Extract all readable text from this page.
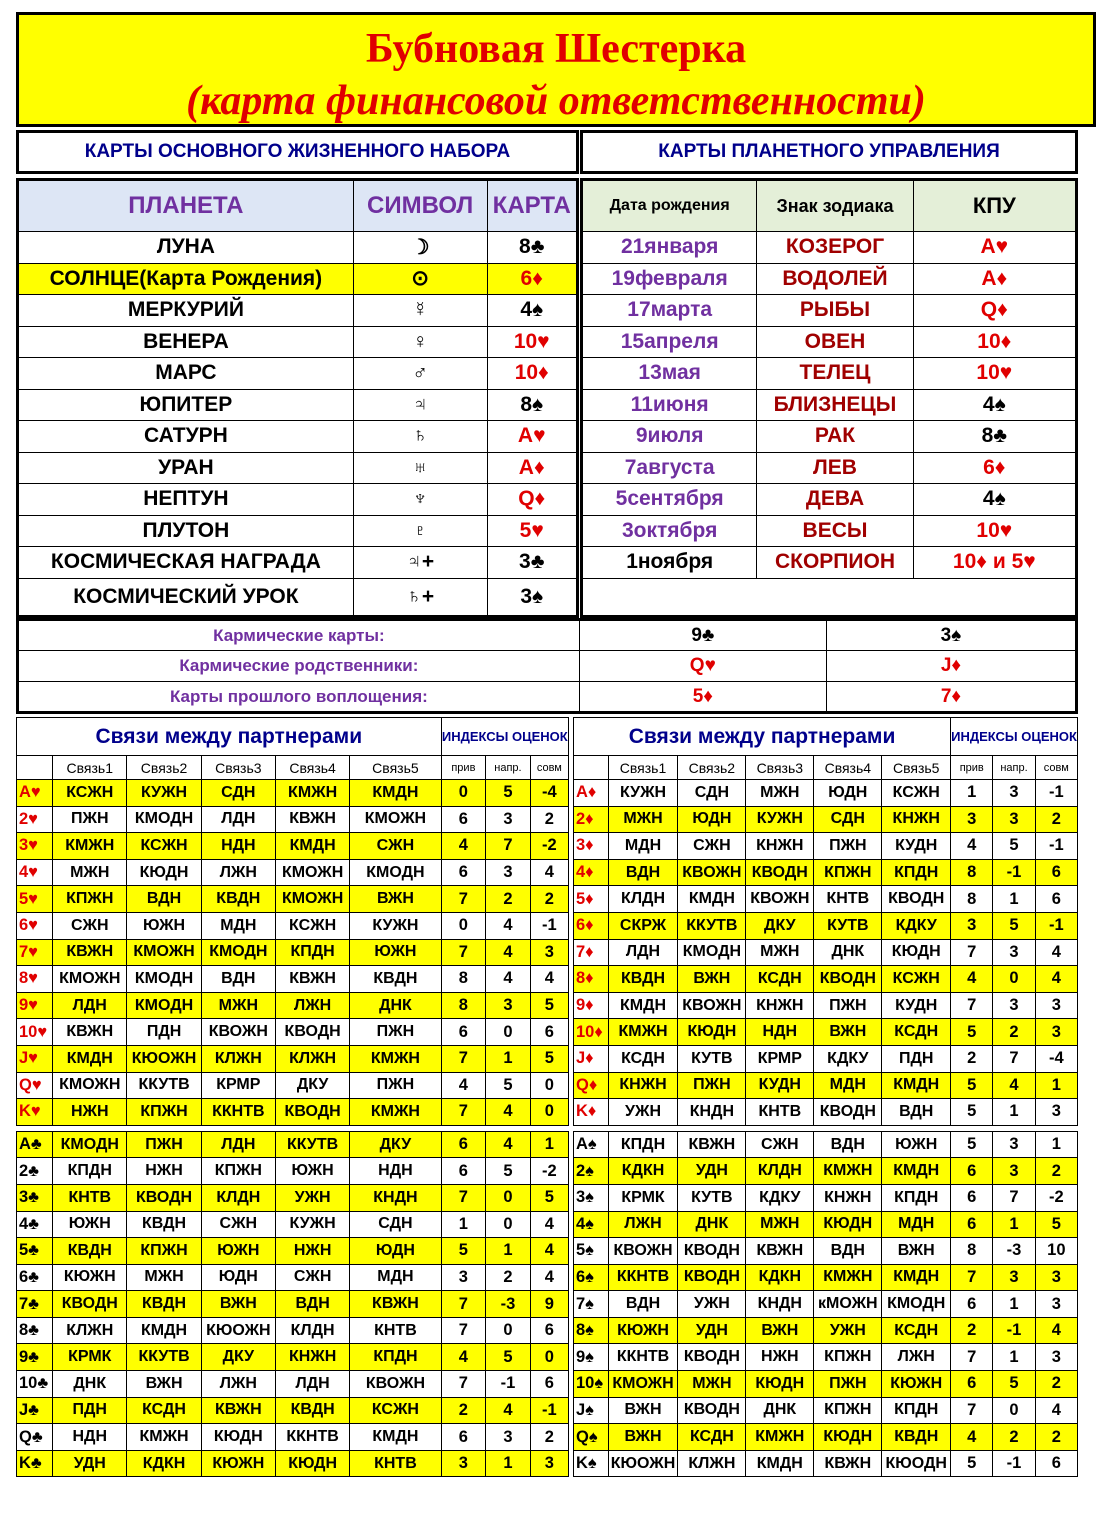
Бубновая Шестерка
(карта финансовой ответственности)
КАРТЫ ОСНОВНОГО ЖИЗНЕННОГО НАБОРА	КАРТЫ ПЛАНЕТНОГО УПРАВЛЕНИЯ
ПЛАНЕТА	СИМВОЛ	КАРТА
ЛУНА	☽	8♣
СОЛНЦЕ(Карта Рождения)	⊙	6♦
МЕРКУРИЙ	☿	4♠
ВЕНЕРА	♀	10♥
МАРС	♂	10♦
ЮПИТЕР	♃	8♠
САТУРН	♄	A♥
УРАН	♅	A♦
НЕПТУН	♆	Q♦
ПЛУТОН	♇	5♥
КОСМИЧЕСКАЯ НАГРАДА	♃+	3♣
КОСМИЧЕСКИЙ УРОК	♄+	3♠
Дата рождения	Знак зодиака	КПУ
21января	КОЗЕРОГ	A♥
19февраля	ВОДОЛЕЙ	A♦
17марта	РЫБЫ	Q♦
15апреля	ОВЕН	10♦
13мая	ТЕЛЕЦ	10♥
11июня	БЛИЗНЕЦЫ	4♠
9июля	РАК	8♣
7августа	ЛЕВ	6♦
5сентября	ДЕВА	4♠
3октября	ВЕСЫ	10♥
1ноября	СКОРПИОН	10♦ и 5♥

Кармические карты:	9♣	3♠
Кармические родственники:	Q♥	J♦
Карты прошлого воплощения:	5♦	7♦
Связи между партнерами						ИНДЕКСЫ ОЦЕНОК		
	Связь1	Связь2	Связь3	Связь4	Связь5	прив	напр.	совм
A♥	КСЖН	КУЖН	СДН	КМЖН	КМДН	0	5	-4
2♥	ПЖН	КМОДН	ЛДН	КВЖН	КМОЖН	6	3	2
3♥	КМЖН	КСЖН	НДН	КМДН	СЖН	4	7	-2
4♥	МЖН	КЮДН	ЛЖН	КМОЖН	КМОДН	6	3	4
5♥	КПЖН	ВДН	КВДН	КМОЖН	ВЖН	7	2	2
6♥	СЖН	ЮЖН	МДН	КСЖН	КУЖН	0	4	-1
7♥	КВЖН	КМОЖН	КМОДН	КПДН	ЮЖН	7	4	3
8♥	КМОЖН	КМОДН	ВДН	КВЖН	КВДН	8	4	4
9♥	ЛДН	КМОДН	МЖН	ЛЖН	ДНК	8	3	5
10♥	КВЖН	ПДН	КВОЖН	КВОДН	ПЖН	6	0	6
J♥	КМДН	КЮОЖН	КЛЖН	КЛЖН	КМЖН	7	1	5
Q♥	КМОЖН	ККУТВ	КРМР	ДКУ	ПЖН	4	5	0
K♥	НЖН	КПЖН	ККНТВ	КВОДН	КМЖН	7	4	0

A♣	КМОДН	ПЖН	ЛДН	ККУТВ	ДКУ	6	4	1
2♣	КПДН	НЖН	КПЖН	ЮЖН	НДН	6	5	-2
3♣	КНТВ	КВОДН	КЛДН	УЖН	КНДН	7	0	5
4♣	ЮЖН	КВДН	СЖН	КУЖН	СДН	1	0	4
5♣	КВДН	КПЖН	ЮЖН	НЖН	ЮДН	5	1	4
6♣	КЮЖН	МЖН	ЮДН	СЖН	МДН	3	2	4
7♣	КВОДН	КВДН	ВЖН	ВДН	КВЖН	7	-3	9
8♣	КЛЖН	КМДН	КЮОЖН	КЛДН	КНТВ	7	0	6
9♣	КРМК	ККУТВ	ДКУ	КНЖН	КПДН	4	5	0
10♣	ДНК	ВЖН	ЛЖН	ЛДН	КВОЖН	7	-1	6
J♣	ПДН	КСДН	КВЖН	КВДН	КСЖН	2	4	-1
Q♣	НДН	КМЖН	КЮДН	ККНТВ	КМДН	6	3	2
K♣	УДН	КДКН	КЮЖН	КЮДН	КНТВ	3	1	3
Связи между партнерами						ИНДЕКСЫ ОЦЕНОК		
	Связь1	Связь2	Связь3	Связь4	Связь5	прив	напр.	совм
A♦	КУЖН	СДН	МЖН	ЮДН	КСЖН	1	3	-1
2♦	МЖН	ЮДН	КУЖН	СДН	КНЖН	3	3	2
3♦	МДН	СЖН	КНЖН	ПЖН	КУДН	4	5	-1
4♦	ВДН	КВОЖН	КВОДН	КПЖН	КПДН	8	-1	6
5♦	КЛДН	КМДН	КВОЖН	КНТВ	КВОДН	8	1	6
6♦	СКРЖ	ККУТВ	ДКУ	КУТВ	КДКУ	3	5	-1
7♦	ЛДН	КМОДН	МЖН	ДНК	КЮДН	7	3	4
8♦	КВДН	ВЖН	КСДН	КВОДН	КСЖН	4	0	4
9♦	КМДН	КВОЖН	КНЖН	ПЖН	КУДН	7	3	3
10♦	КМЖН	КЮДН	НДН	ВЖН	КСДН	5	2	3
J♦	КСДН	КУТВ	КРМР	КДКУ	ПДН	2	7	-4
Q♦	КНЖН	ПЖН	КУДН	МДН	КМДН	5	4	1
K♦	УЖН	КНДН	КНТВ	КВОДН	ВДН	5	1	3

A♠	КПДН	КВЖН	СЖН	ВДН	ЮЖН	5	3	1
2♠	КДКН	УДН	КЛДН	КМЖН	КМДН	6	3	2
3♠	КРМК	КУТВ	КДКУ	КНЖН	КПДН	6	7	-2
4♠	ЛЖН	ДНК	МЖН	КЮДН	МДН	6	1	5
5♠	КВОЖН	КВОДН	КВЖН	ВДН	ВЖН	8	-3	10
6♠	ККНТВ	КВОДН	КДКН	КМЖН	КМДН	7	3	3
7♠	ВДН	УЖН	КНДН	кМОЖН	КМОДН	6	1	3
8♠	КЮЖН	УДН	ВЖН	УЖН	КСДН	2	-1	4
9♠	ККНТВ	КВОДН	НЖН	КПЖН	ЛЖН	7	1	3
10♠	КМОЖН	МЖН	КЮДН	ПЖН	КЮЖН	6	5	2
J♠	ВЖН	КВОДН	ДНК	КПЖН	КПДН	7	0	4
Q♠	ВЖН	КСДН	КМЖН	КЮДН	КВДН	4	2	2
K♠	КЮОЖН	КЛЖН	КМДН	КВЖН	КЮОДН	5	-1	6
